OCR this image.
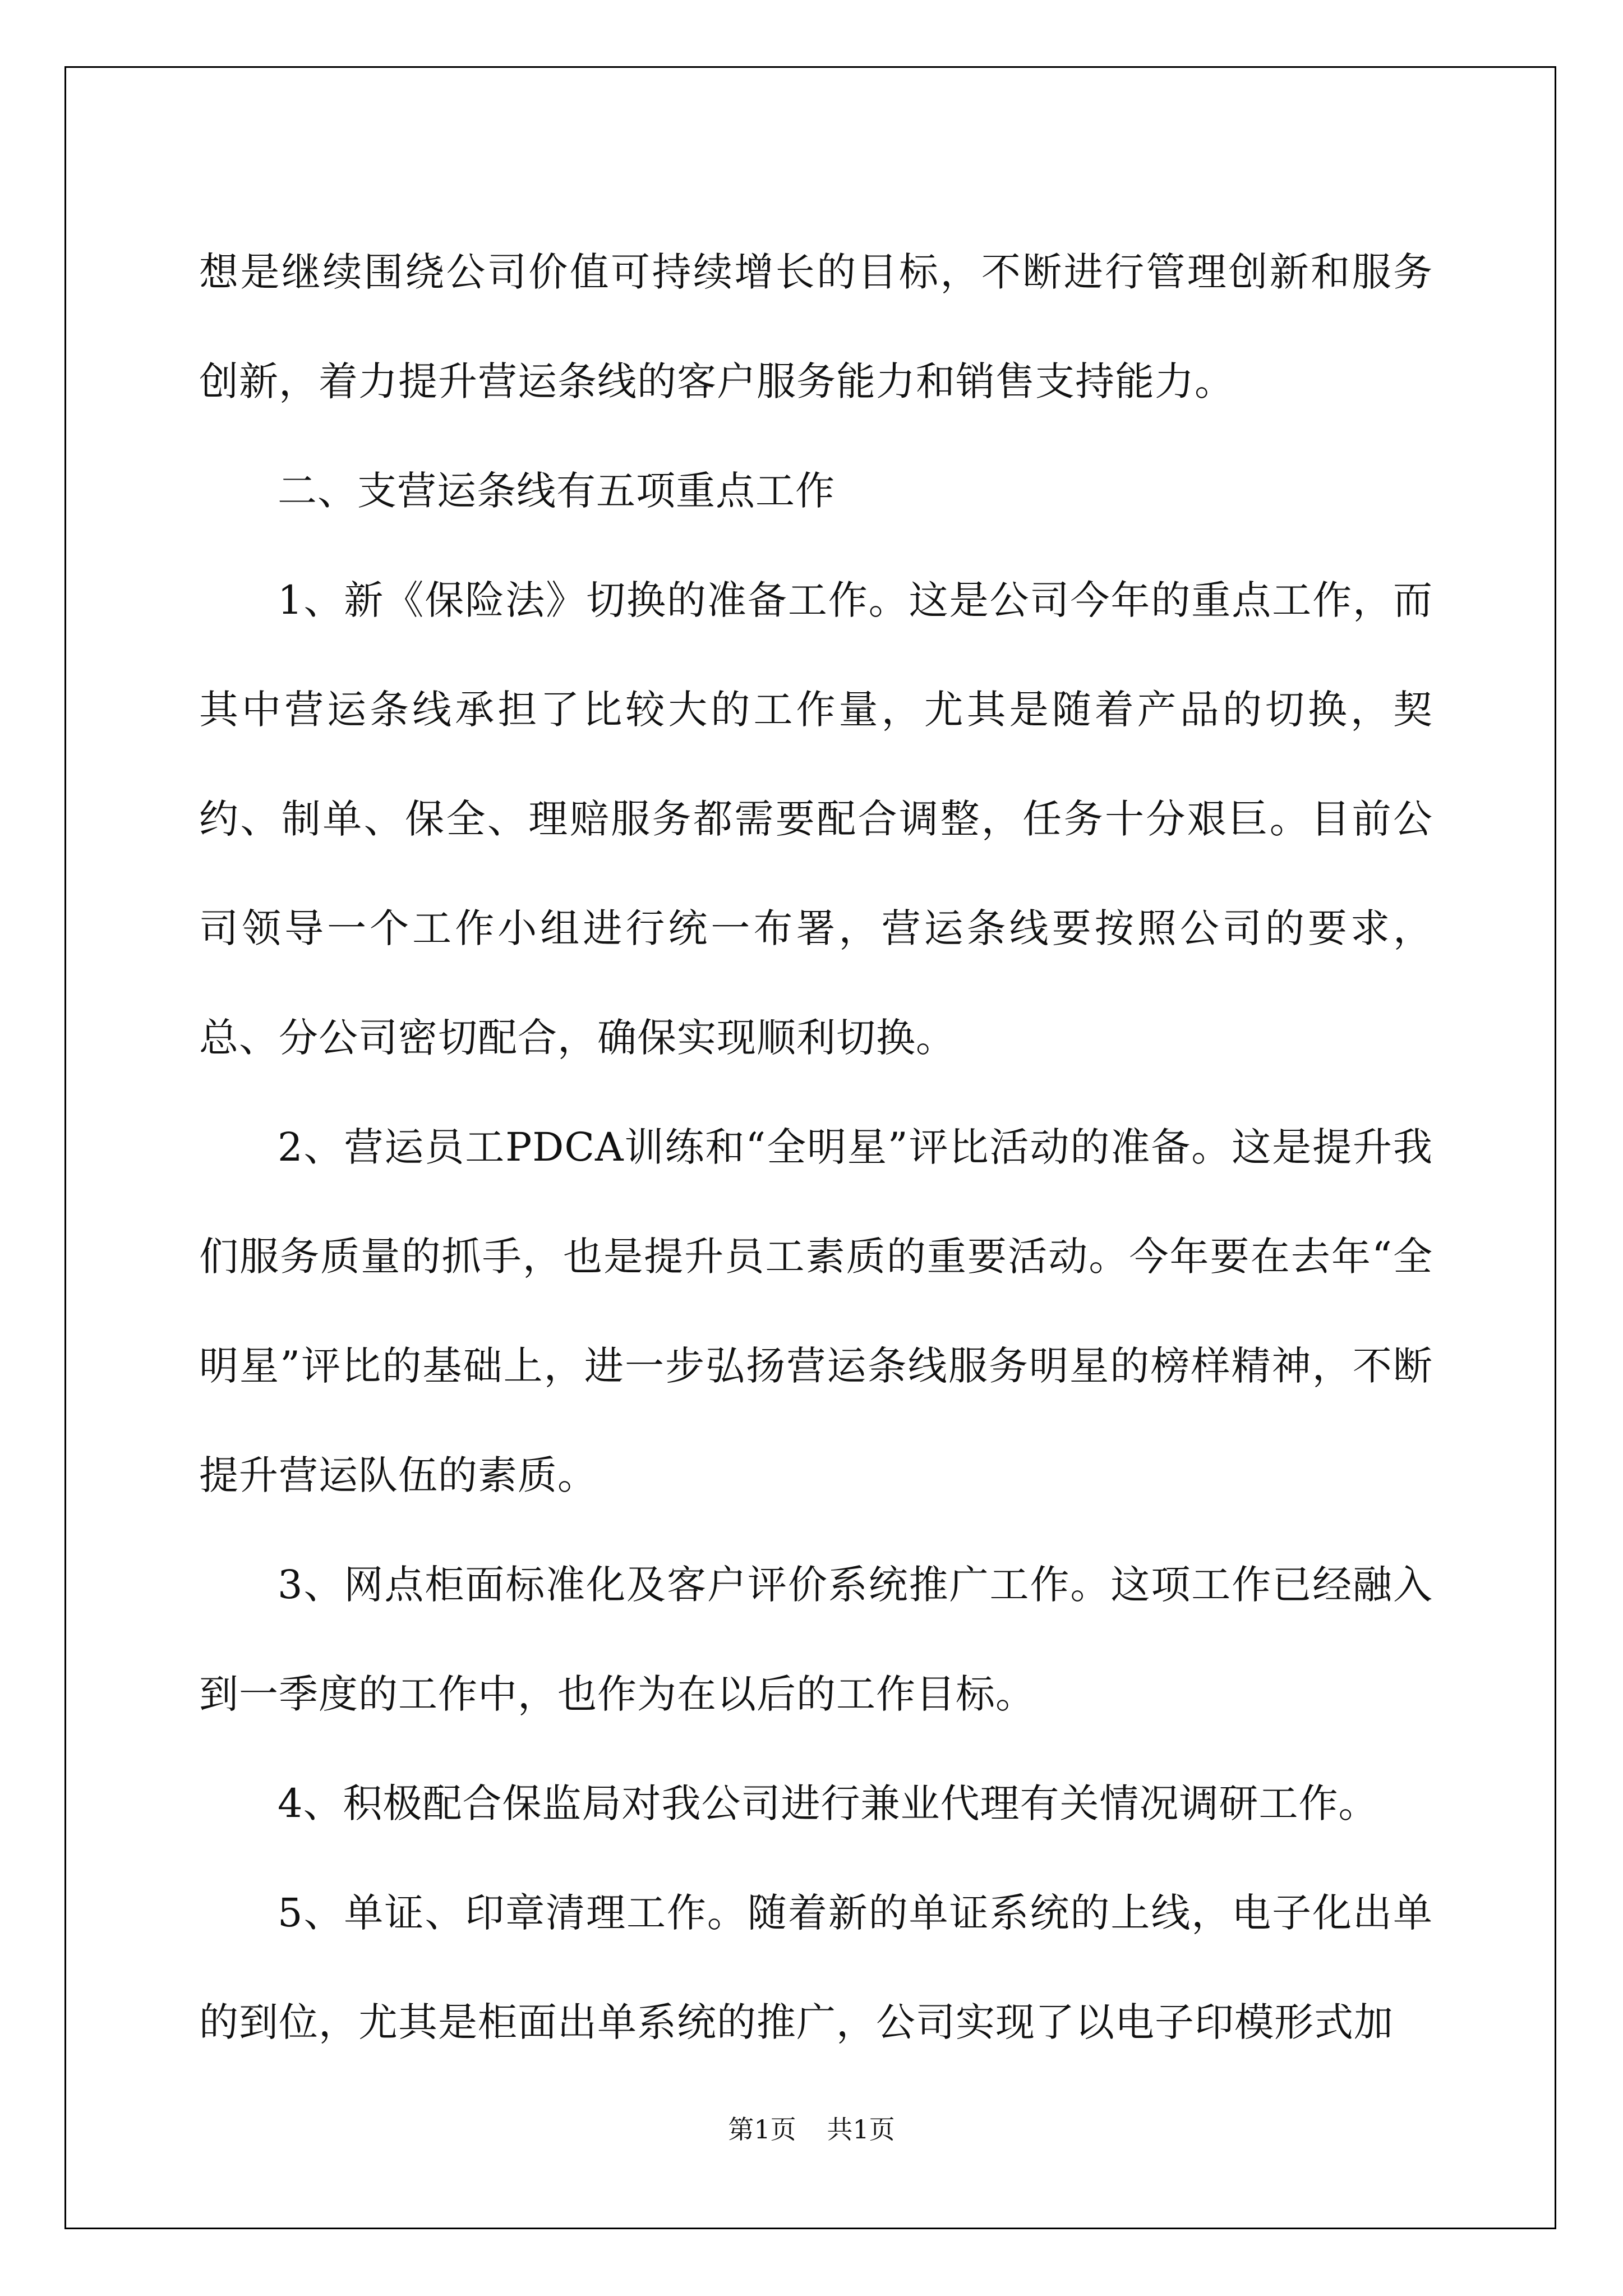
想是继续围绕公司价值可持续增长的目标，不断进行管理创新和服务创新，着力提升营运条线的客户服务能力和销售支持能力。

二、支营运条线有五项重点工作

1、新《保险法》切换的准备工作。这是公司今年的重点工作，而其中营运条线承担了比较大的工作量，尤其是随着产品的切换，契约、制单、保全、理赔服务都需要配合调整，任务十分艰巨。目前公司领导一个工作小组进行统一布署，营运条线要按照公司的要求，总、分公司密切配合，确保实现顺利切换。

2、营运员工PDCA训练和“全明星”评比活动的准备。这是提升我们服务质量的抓手，也是提升员工素质的重要活动。今年要在去年“全明星”评比的基础上，进一步弘扬营运条线服务明星的榜样精神，不断提升营运队伍的素质。

3、网点柜面标准化及客户评价系统推广工作。这项工作已经融入到一季度的工作中，也作为在以后的工作目标。

4、积极配合保监局对我公司进行兼业代理有关情况调研工作。

5、单证、印章清理工作。随着新的单证系统的上线，电子化出单的到位，尤其是柜面出单系统的推广，公司实现了以电子印模形式加

第1页 共1页
